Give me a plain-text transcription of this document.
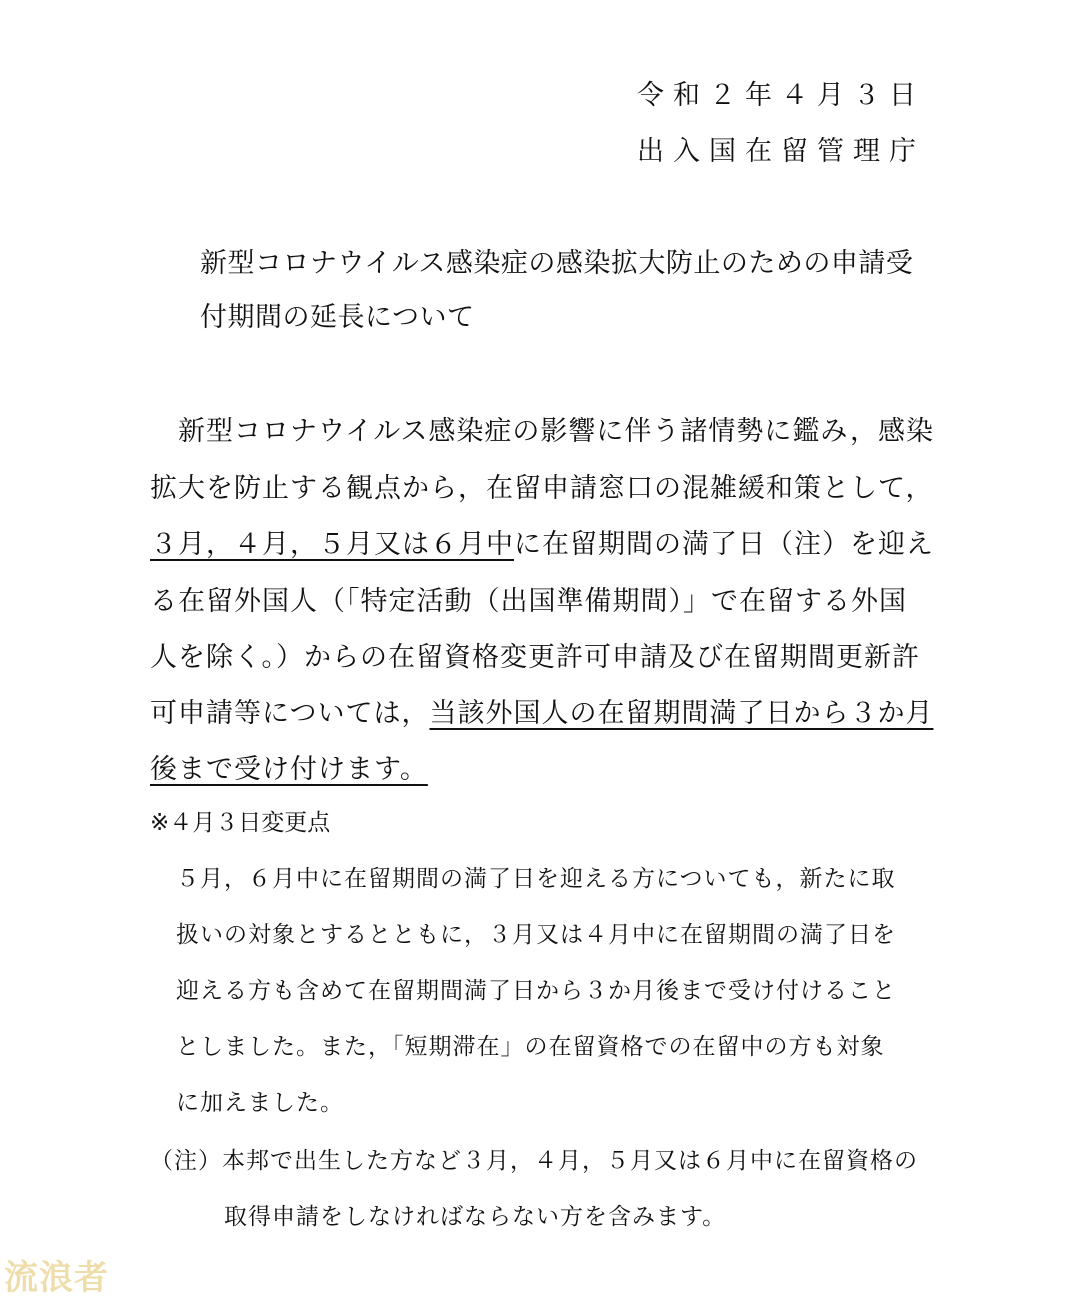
令和２年４月３日
出入国在留管理庁
新型コロナウイルス感染症の感染拡大防止のための申請受
付期間の延長について
新型コロナウイルス感染症の影響に伴う諸情勢に鑑み，感染
拡大を防止する観点から，在留申請窓口の混雑緩和策として，
３月，４月，５月又は６月中に在留期間の満了日（注）を迎え
る在留外国人（「特定活動（出国準備期間）」で在留する外国
人を除く。）からの在留資格変更許可申請及び在留期間更新許
可申請等については，当該外国人の在留期間満了日から３か月
後まで受け付けます。
※４月３日変更点
５月，６月中に在留期間の満了日を迎える方についても，新たに取
扱いの対象とするとともに，３月又は４月中に在留期間の満了日を
迎える方も含めて在留期間満了日から３か月後まで受け付けること
としました。また，「短期滞在」の在留資格での在留中の方も対象
に加えました。
（注）本邦で出生した方など３月，４月，５月又は６月中に在留資格の
取得申請をしなければならない方を含みます。
流浪者
